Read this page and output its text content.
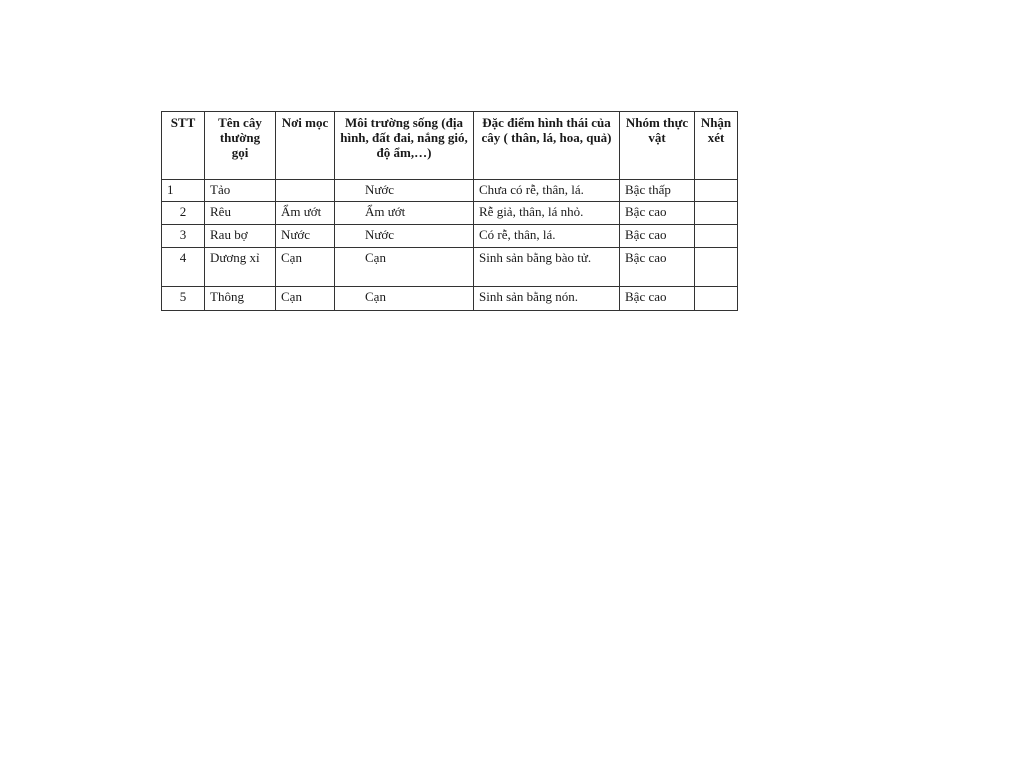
STT	Tên cây thường gọi	Nơi mọc	Môi trường sống (địa hình, đất đai, nắng gió, độ ẩm,…)	Đặc điểm hình thái của cây ( thân, lá, hoa, quả)	Nhóm thực vật	Nhận xét
1	Tảo		Nước	Chưa có rễ, thân, lá.	Bậc thấp	
2	Rêu	Ẩm ướt	Ẩm ướt	Rễ giả, thân, lá nhỏ.	Bậc cao	
3	Rau bợ	Nước	Nước	Có rễ, thân, lá.	Bậc cao	
4	Dương xỉ	Cạn	Cạn	Sinh sản bằng bào tử.	Bậc cao	
5	Thông	Cạn	Cạn	Sinh sản bằng nón.	Bậc cao	
